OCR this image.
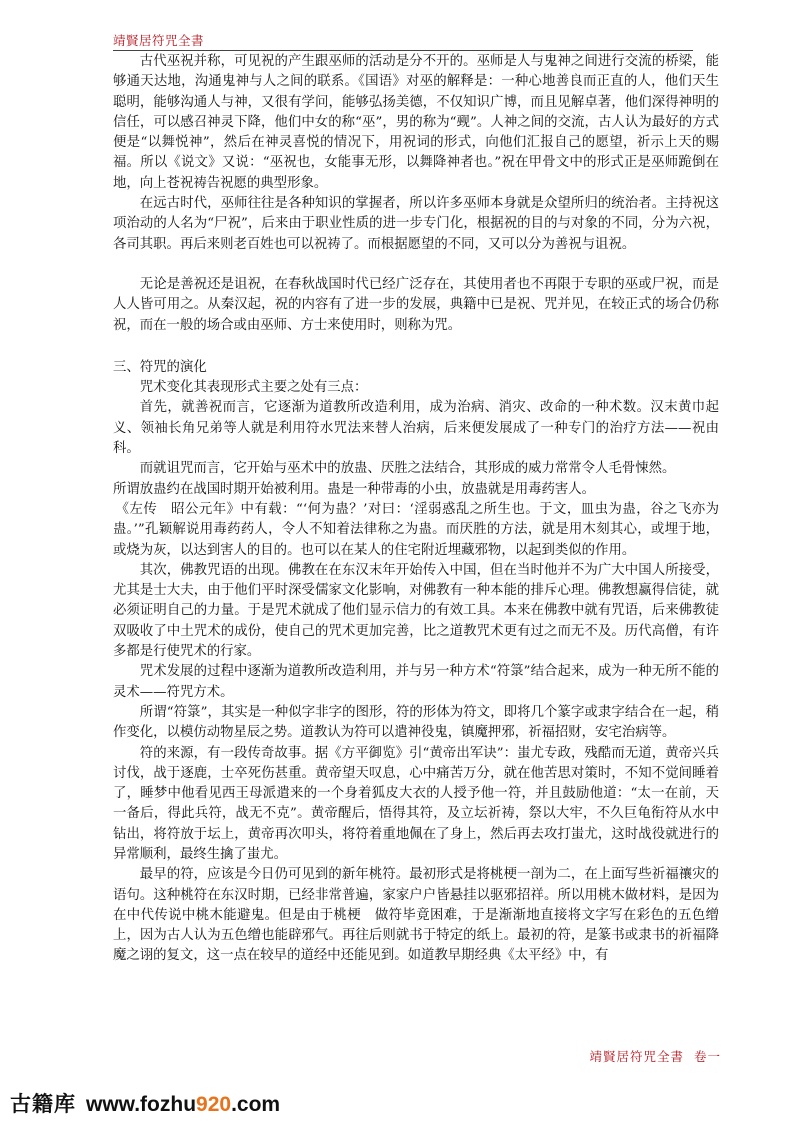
靖賢居符咒全書

古代巫祝并称，可见祝的产生跟巫师的活动是分不开的。巫师是人与鬼神之间进行交流的桥梁，能够通天达地，沟通鬼神与人之间的联系。《国语》对巫的解释是：一种心地善良而正直的人，他们天生聪明，能够沟通人与神，又很有学问，能够弘扬美德，不仅知识广博，而且见解卓著，他们深得神明的信任，可以感召神灵下降，他们中女的称“巫”，男的称为“觋”。人神之间的交流，古人认为最好的方式便是“以舞悦神”，然后在神灵喜悦的情况下，用祝词的形式，向他们汇报自己的愿望，祈示上天的赐福。所以《说文》又说：“巫祝也，女能事无形，以舞降神者也。”祝在甲骨文中的形式正是巫师跪倒在地，向上苍祝祷告祝愿的典型形象。

在远古时代，巫师往往是各种知识的掌握者，所以许多巫师本身就是众望所归的统治者。主持祝这项治动的人名为“尸祝”，后来由于职业性质的进一步专门化，根据祝的目的与对象的不同，分为六祝，各司其职。再后来则老百姓也可以祝祷了。而根据愿望的不同，又可以分为善祝与诅祝。

无论是善祝还是诅祝，在春秋战国时代已经广泛存在，其使用者也不再限于专职的巫或尸祝，而是人人皆可用之。从秦汉起，祝的内容有了进一步的发展，典籍中已是祝、咒并见，在较正式的场合仍称祝，而在一般的场合或由巫师、方士来使用时，则称为咒。

三、符咒的演化

咒术变化其表现形式主要之处有三点：

首先，就善祝而言，它逐渐为道教所改造利用，成为治病、消灾、改命的一种术数。汉末黄巾起义、领袖长角兄弟等人就是利用符水咒法来替人治病，后来便发展成了一种专门的治疗方法——祝由科。

而就诅咒而言，它开始与巫术中的放蛊、厌胜之法结合，其形成的威力常常令人毛骨悚然。

所谓放蛊约在战国时期开始被利用。蛊是一种带毒的小虫，放蛊就是用毒药害人。

《左传　昭公元年》中有载：“‘何为蛊？’对曰：‘淫弱惑乱之所生也。于文，皿虫为蛊，谷之飞亦为蛊。’”孔颖解说用毒药药人，令人不知着法律称之为蛊。而厌胜的方法，就是用木刻其心，或埋于地，或烧为灰，以达到害人的目的。也可以在某人的住宅附近埋藏邪物，以起到类似的作用。

其次，佛教咒语的出现。佛教在在东汉末年开始传入中国，但在当时他并不为广大中国人所接受，尤其是士大夫，由于他们平时深受儒家文化影响，对佛教有一种本能的排斥心理。佛教想赢得信徒，就必须证明自己的力量。于是咒术就成了他们显示信力的有效工具。本来在佛教中就有咒语，后来佛教徒双吸收了中土咒术的成份，使自己的咒术更加完善，比之道教咒术更有过之而无不及。历代高僧，有许多都是行使咒术的行家。

咒术发展的过程中逐渐为道教所改造利用，并与另一种方术“符箓”结合起来，成为一种无所不能的灵术——符咒方术。

所谓“符箓”，其实是一种似字非字的图形，符的形体为符文，即将几个篆字或隶字结合在一起，稍作变化，以模仿动物星辰之势。道教认为符可以遣神役鬼，镇魔押邪，祈福招财，安宅治病等。

符的来源，有一段传奇故事。据《方平御览》引“黄帝出军诀”：蚩尤专政，残酷而无道，黄帝兴兵讨伐，战于逐鹿，士卒死伤甚重。黄帝望天叹息，心中痛苦万分，就在他苦思对策时，不知不觉间睡着了，睡梦中他看见西王母派遣来的一个身着狐皮大衣的人授予他一符，并且鼓励他道：“太一在前，天一备后，得此兵符，战无不克”。黄帝醒后，悟得其符，及立坛祈祷，祭以大牢，不久巨龟衔符从水中钻出，将符放于坛上，黄帝再次叩头，将符着重地佩在了身上，然后再去攻打蚩尤，这时战役就进行的异常顺利，最终生擒了蚩尤。

最早的符，应该是今日仍可见到的新年桃符。最初形式是将桃梗一剖为二，在上面写些祈福禳灾的语句。这种桃符在东汉时期，已经非常普遍，家家户户皆悬挂以驱邪招祥。所以用桃木做材料，是因为在中代传说中桃木能避鬼。但是由于桃梗　做符毕竟困难，于是渐渐地直接将文字写在彩色的五色缯上，因为古人认为五色缯也能辟邪气。再往后则就书于特定的纸上。最初的符，是篆书或隶书的祈福降魔之诩的复文，这一点在较早的道经中还能见到。如道教早期经典《太平经》中，有

靖賢居符咒全書 卷一
古籍库 www.fozhu920.com
